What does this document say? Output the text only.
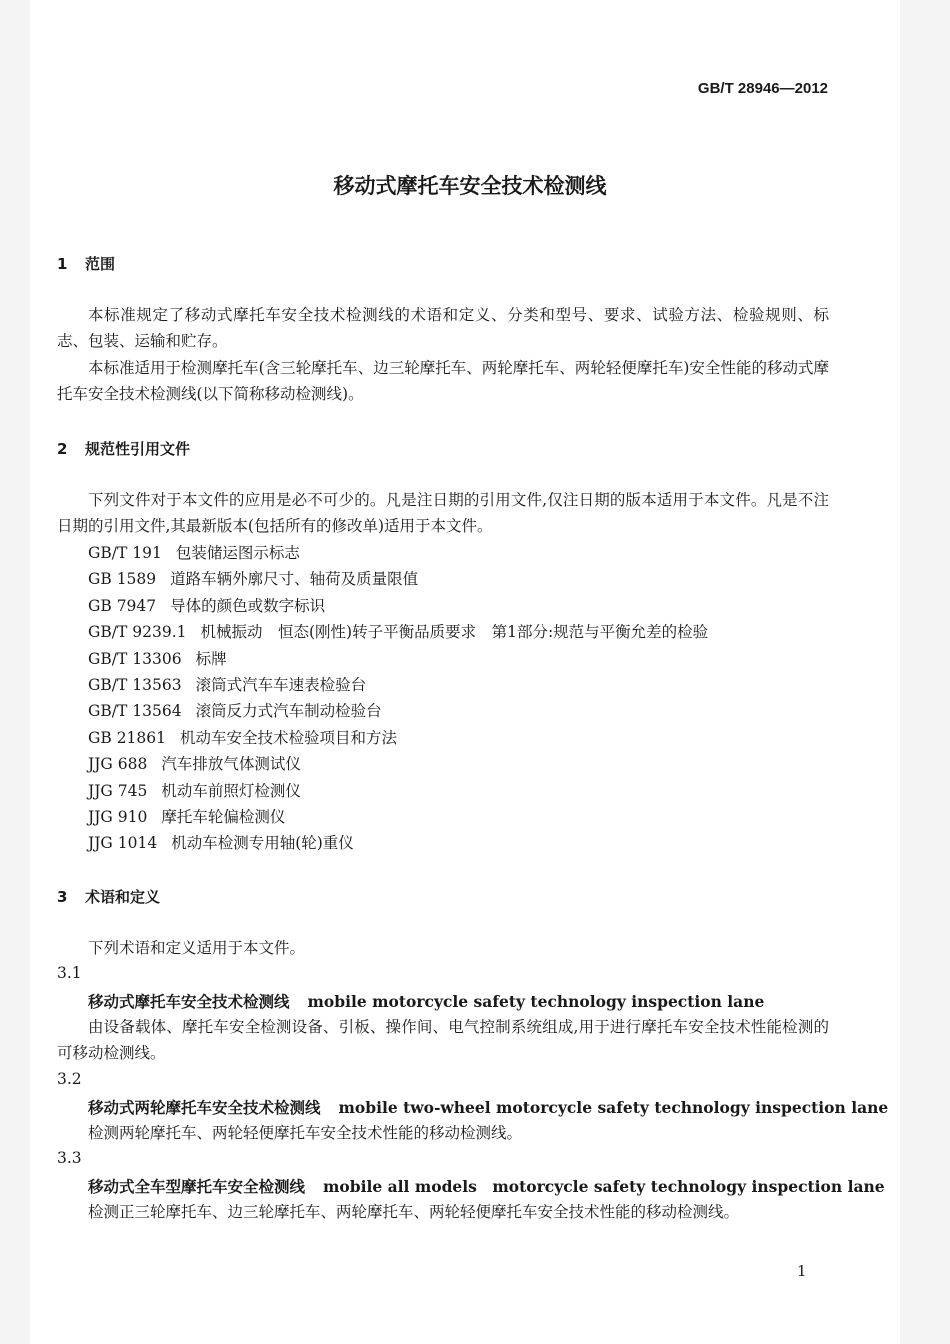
GB/T 28946—2012
移动式摩托车安全技术检测线
1 范围
本标准规定了移动式摩托车安全技术检测线的术语和定义、分类和型号、要求、试验方法、检验规则、标志、包装、运输和贮存。
本标准适用于检测摩托车(含三轮摩托车、边三轮摩托车、两轮摩托车、两轮轻便摩托车)安全性能的移动式摩托车安全技术检测线(以下简称移动检测线)。
2 规范性引用文件
下列文件对于本文件的应用是必不可少的。凡是注日期的引用文件,仅注日期的版本适用于本文件。凡是不注日期的引用文件,其最新版本(包括所有的修改单)适用于本文件。
GB/T 191 包装储运图示标志
GB 1589 道路车辆外廓尺寸、轴荷及质量限值
GB 7947 导体的颜色或数字标识
GB/T 9239.1 机械振动　恒态(刚性)转子平衡品质要求　第1部分:规范与平衡允差的检验
GB/T 13306 标牌
GB/T 13563 滚筒式汽车车速表检验台
GB/T 13564 滚筒反力式汽车制动检验台
GB 21861 机动车安全技术检验项目和方法
JJG 688 汽车排放气体测试仪
JJG 745 机动车前照灯检测仪
JJG 910 摩托车轮偏检测仪
JJG 1014 机动车检测专用轴(轮)重仪
3 术语和定义
下列术语和定义适用于本文件。
3.1
移动式摩托车安全技术检测线 mobile motorcycle safety technology inspection lane
由设备载体、摩托车安全检测设备、引板、操作间、电气控制系统组成,用于进行摩托车安全技术性能检测的可移动检测线。
3.2
移动式两轮摩托车安全技术检测线 mobile two-wheel motorcycle safety technology inspection lane
检测两轮摩托车、两轮轻便摩托车安全技术性能的移动检测线。
3.3
移动式全车型摩托车安全检测线 mobile all models　motorcycle safety technology inspection lane
检测正三轮摩托车、边三轮摩托车、两轮摩托车、两轮轻便摩托车安全技术性能的移动检测线。
1
